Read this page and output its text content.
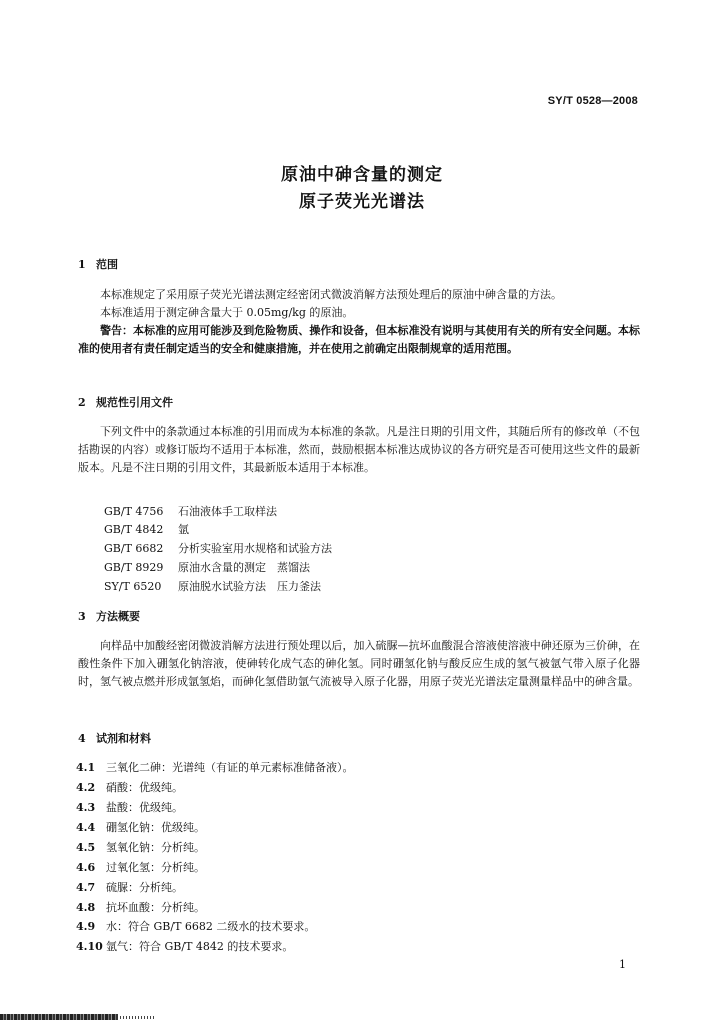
SY/T 0528—2008
原油中砷含量的测定
原子荧光光谱法
1 范围
本标准规定了采用原子荧光光谱法测定经密闭式微波消解方法预处理后的原油中砷含量的方法。
本标准适用于测定砷含量大于 0.05mg/kg 的原油。
警告：本标准的应用可能涉及到危险物质、操作和设备，但本标准没有说明与其使用有关的所有安全问题。本标准的使用者有责任制定适当的安全和健康措施，并在使用之前确定出限制规章的适用范围。
2 规范性引用文件
下列文件中的条款通过本标准的引用而成为本标准的条款。凡是注日期的引用文件，其随后所有的修改单（不包括勘误的内容）或修订版均不适用于本标准，然而，鼓励根据本标准达成协议的各方研究是否可使用这些文件的最新版本。凡是不注日期的引用文件，其最新版本适用于本标准。
GB/T 4756 石油液体手工取样法
GB/T 4842 氩
GB/T 6682 分析实验室用水规格和试验方法
GB/T 8929 原油水含量的测定　蒸馏法
SY/T 6520 原油脱水试验方法　压力釜法
3 方法概要
向样品中加酸经密闭微波消解方法进行预处理以后，加入硫脲—抗坏血酸混合溶液使溶液中砷还原为三价砷，在酸性条件下加入硼氢化钠溶液，使砷转化成气态的砷化氢。同时硼氢化钠与酸反应生成的氢气被氩气带入原子化器时，氢气被点燃并形成氩氢焰，而砷化氢借助氩气流被导入原子化器，用原子荧光光谱法定量测量样品中的砷含量。
4 试剂和材料
4.1 三氧化二砷：光谱纯（有证的单元素标准储备液）。
4.2 硝酸：优级纯。
4.3 盐酸：优级纯。
4.4 硼氢化钠：优级纯。
4.5 氢氧化钠：分析纯。
4.6 过氧化氢：分析纯。
4.7 硫脲：分析纯。
4.8 抗坏血酸：分析纯。
4.9 水：符合 GB/T 6682 二级水的技术要求。
4.10 氩气：符合 GB/T 4842 的技术要求。
1
